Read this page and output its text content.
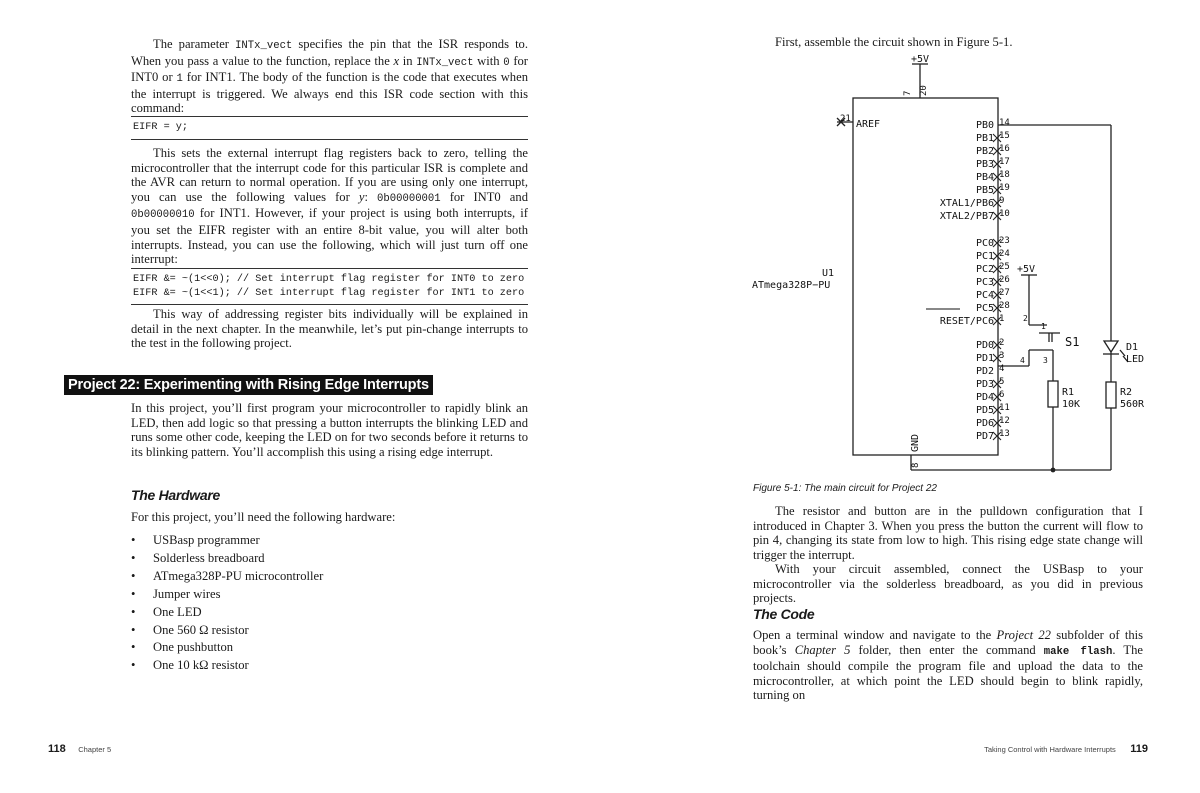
The parameter INTx_vect specifies the pin that the ISR responds to. When you pass a value to the function, replace the x in INTx_vect with 0 for INT0 or 1 for INT1. The body of the function is the code that executes when the interrupt is triggered. We always end this ISR code section with this command:

EIFR = y;

This sets the external interrupt flag registers back to zero, telling the microcontroller that the interrupt code for this particular ISR is complete and the AVR can return to normal operation. If you are using only one interrupt, you can use the following values for y: 0b00000001 for INT0 and 0b00000010 for INT1. However, if your project is using both interrupts, if you set the EIFR register with an entire 8-bit value, you will alter both interrupts. Instead, you can use the following, which will just turn off one interrupt:

EIFR &= ~(1<<0); // Set interrupt flag register for INT0 to zero
EIFR &= ~(1<<1); // Set interrupt flag register for INT1 to zero

This way of addressing register bits individually will be explained in detail in the next chapter. In the meanwhile, let’s put pin-change interrupts to the test in the following project.

Project 22: Experimenting with Rising Edge Interrupts

In this project, you’ll first program your microcontroller to rapidly blink an LED, then add logic so that pressing a button interrupts the blinking LED and runs some other code, keeping the LED on for two seconds before it returns to its blinking pattern. You’ll accomplish this using a rising edge interrupt.

The Hardware

For this project, you’ll need the following hardware:

• USBasp programmer
• Solderless breadboard
• ATmega328P-PU microcontroller
• Jumper wires
• One LED
• One 560 Ω resistor
• One pushbutton
• One 10 kΩ resistor
118 Chapter 5

First, assemble the circuit shown in Figure 5-1.

+5V
U1
ATmega328P−PU
AREF
21
7 20
GND
8
+5V
S1
2
1
4 3
R1
10K
R2
560R
D1
LED
PB0 14
PB1 15
PB2 16
PB3 17
PB4 18
PB5 19
XTAL1/PB6 9
XTAL2/PB7 10
PC0 23
PC1 24
PC2 25
PC3 26
PC4 27
PC5 28
RESET/PC6 1
PD0 2
PD1 3
PD2 4
PD3 5
PD4 6
PD5 11
PD6 12
PD7 13
Figure 5-1: The main circuit for Project 22

The resistor and button are in the pulldown configuration that I introduced in Chapter 3. When you press the button the current will flow to pin 4, changing its state from low to high. This rising edge state change will trigger the interrupt.

With your circuit assembled, connect the USBasp to your microcontroller via the solderless breadboard, as you did in previous projects.

The Code

Open a terminal window and navigate to the Project 22 subfolder of this book’s Chapter 5 folder, then enter the command make flash. The toolchain should compile the program file and upload the data to the microcontroller, at which point the LED should begin to blink rapidly, turning on

Taking Control with Hardware Interrupts 119
